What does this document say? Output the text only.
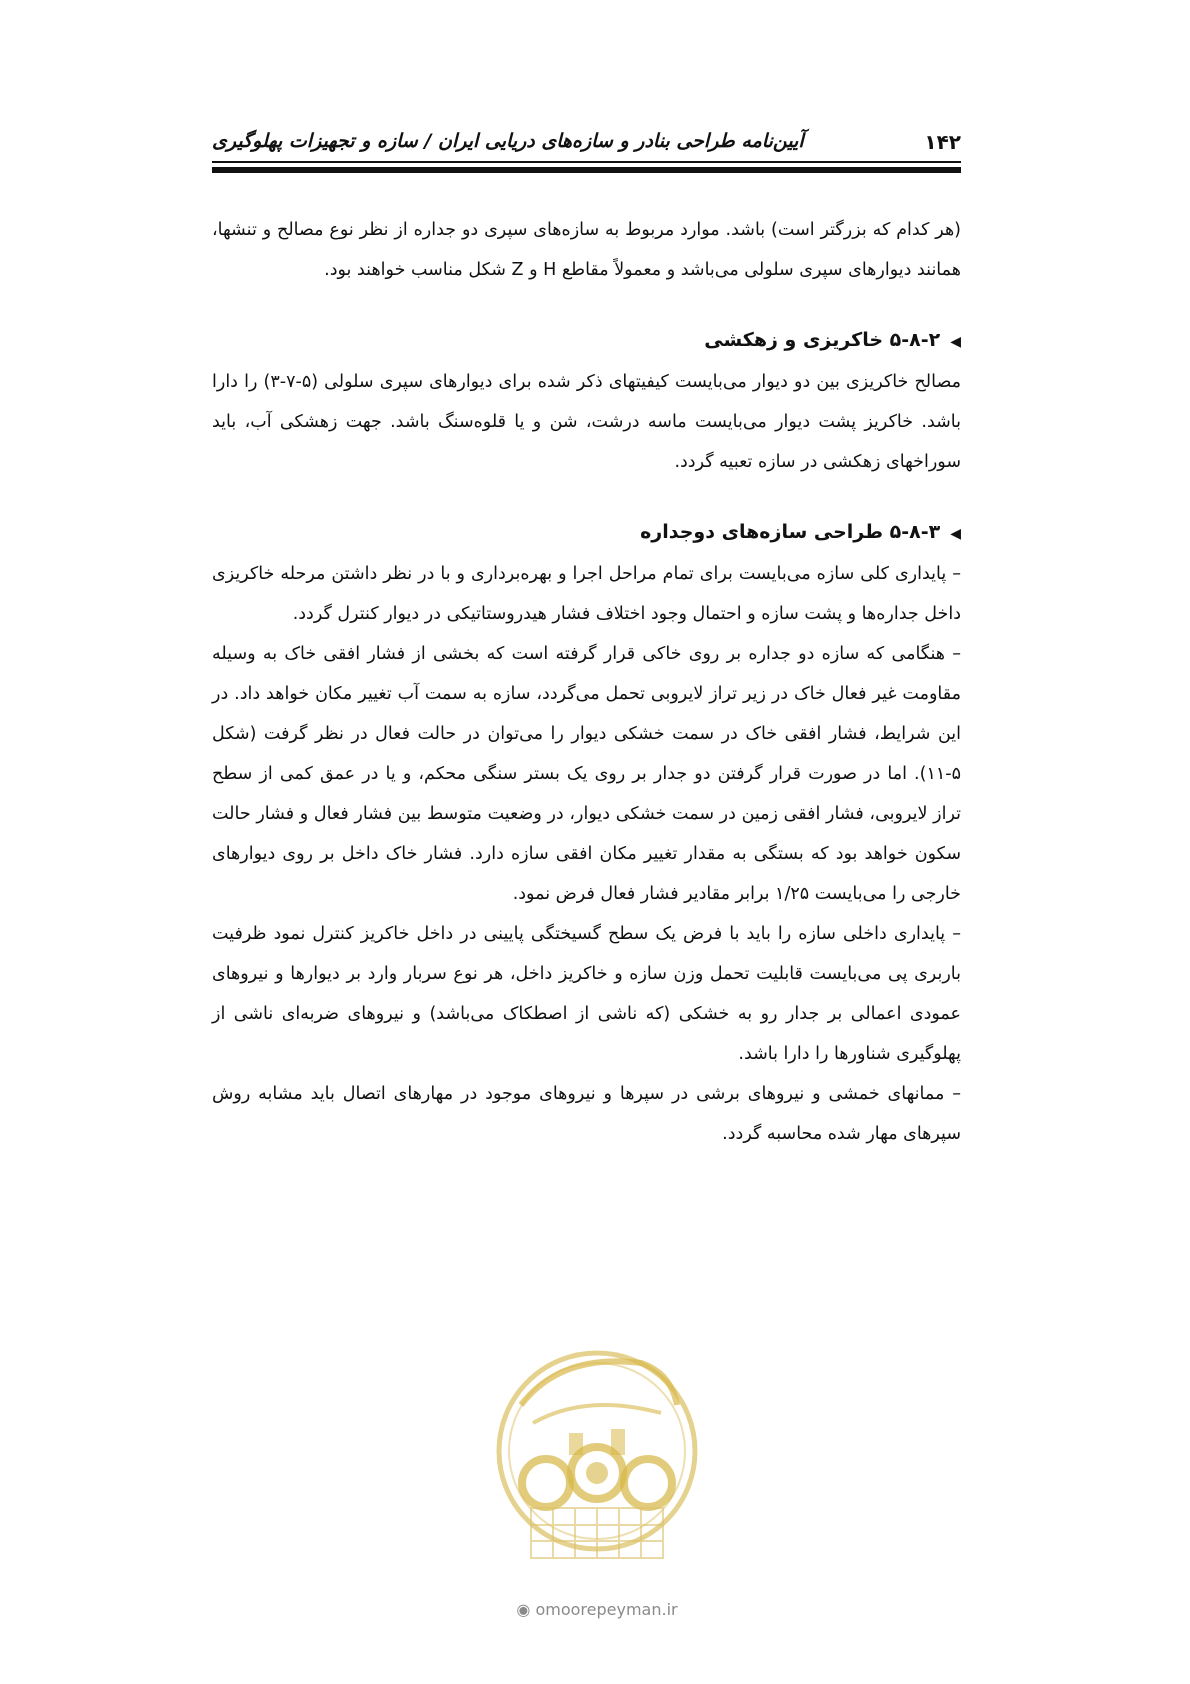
۱۴۲
آیین‌نامه طراحی بنادر و سازه‌های دریایی ایران / سازه و تجهیزات پهلوگیری

(هر کدام که بزرگتر است) باشد. موارد مربوط به سازه‌های سپری دو جداره از نظر نوع مصالح و تنشها، همانند دیوارهای سپری سلولی می‌باشد و معمولاً مقاطع H و Z شکل مناسب خواهند بود.

◀۵-۸-۲ خاکریزی و زهکشی

مصالح خاکریزی بین دو دیوار می‌بایست کیفیتهای ذکر شده برای دیوارهای سپری سلولی (۵-۷-۳) را دارا باشد. خاکریز پشت دیوار می‌بایست ماسه درشت، شن و یا قلوه‌سنگ باشد. جهت زهشکی آب، باید سوراخهای زهکشی در سازه تعبیه گردد.

◀۵-۸-۳ طراحی سازه‌های دوجداره

– پایداری کلی سازه می‌بایست برای تمام مراحل اجرا و بهره‌برداری و با در نظر داشتن مرحله خاکریزی داخل جداره‌ها و پشت سازه و احتمال وجود اختلاف فشار هیدروستاتیکی در دیوار کنترل گردد.

– هنگامی که سازه دو جداره بر روی خاکی قرار گرفته است که بخشی از فشار افقی خاک به وسیله مقاومت غیر فعال خاک در زیر تراز لایروبی تحمل می‌گردد، سازه به سمت آب تغییر مکان خواهد داد. در این شرایط، فشار افقی خاک در سمت خشکی دیوار را می‌توان در حالت فعال در نظر گرفت (شکل ۵-۱۱). اما در صورت قرار گرفتن دو جدار بر روی یک بستر سنگی محکم، و یا در عمق کمی از سطح تراز لایروبی، فشار افقی زمین در سمت خشکی دیوار، در وضعیت متوسط بین فشار فعال و فشار حالت سکون خواهد بود که بستگی به مقدار تغییر مکان افقی سازه دارد. فشار خاک داخل بر روی دیوارهای خارجی را می‌بایست ۱/۲۵ برابر مقادیر فشار فعال فرض نمود.

– پایداری داخلی سازه را باید با فرض یک سطح گسیختگی پایینی در داخل خاکریز کنترل نمود ظرفیت باربری پی می‌بایست قابلیت تحمل وزن سازه و خاکریز داخل، هر نوع سربار وارد بر دیوارها و نیروهای عمودی اعمالی بر جدار رو به خشکی (که ناشی از اصطکاک می‌باشد) و نیروهای ضربه‌ای ناشی از پهلوگیری شناورها را دارا باشد.

– ممانهای خمشی و نیروهای برشی در سپرها و نیروهای موجود در مهارهای اتصال باید مشابه روش سپرهای مهار شده محاسبه گردد.

◉ omoorepeyman.ir
